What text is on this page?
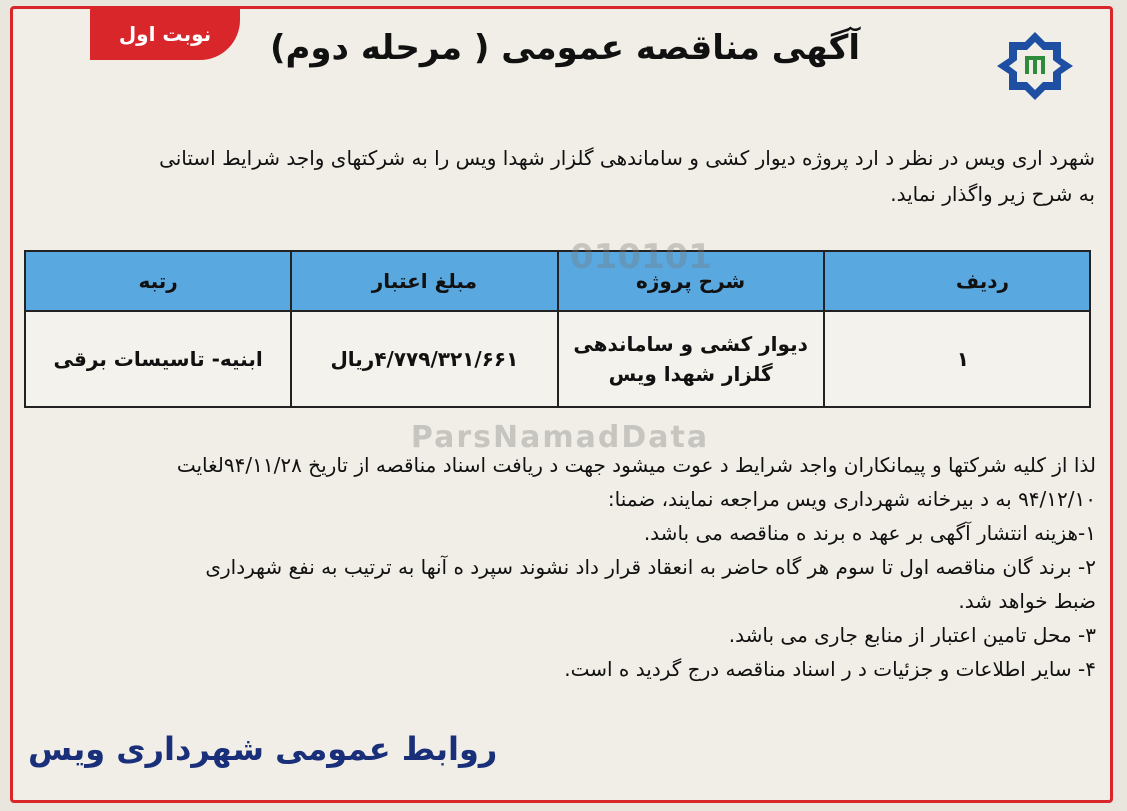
نوبت اول	آگهی مناقصه عمومی ( مرحله دوم)
شهرد اری ویس در نظر د ارد پروژه دیوار کشی و ساماندهی گلزار شهدا ویس را به شرکتهای واجد شرایط استانی
به شرح زیر واگذار نماید.
ردیف	شرح پروژه	مبلغ اعتبار	رتبه
۱	دیوار کشی و ساماندهی گلزار شهدا ویس	۴/۷۷۹/۳۲۱/۶۶۱ریال	ابنیه- تاسیسات برقی
010101
ParsNamadData

لذا از کلیه شرکتها و پیمانکاران واجد شرایط د عوت میشود جهت د ریافت اسناد مناقصه از تاریخ ۹۴/۱۱/۲۸لغایت

۹۴/۱۲/۱۰ به د بیرخانه شهرداری ویس مراجعه نمایند، ضمنا:

۱-هزینه انتشار آگهی بر عهد ه برند ه مناقصه می باشد.

۲- برند گان مناقصه اول تا سوم هر گاه حاضر به انعقاد قرار داد نشوند سپرد ه آنها به ترتیب به نفع شهرداری

ضبط خواهد شد.

۳- محل تامین اعتبار از منابع جاری می باشد.

۴- سایر اطلاعات و جزئیات د ر اسناد مناقصه درج گردید ه است.

روابط عمومی شهرداری ویس
